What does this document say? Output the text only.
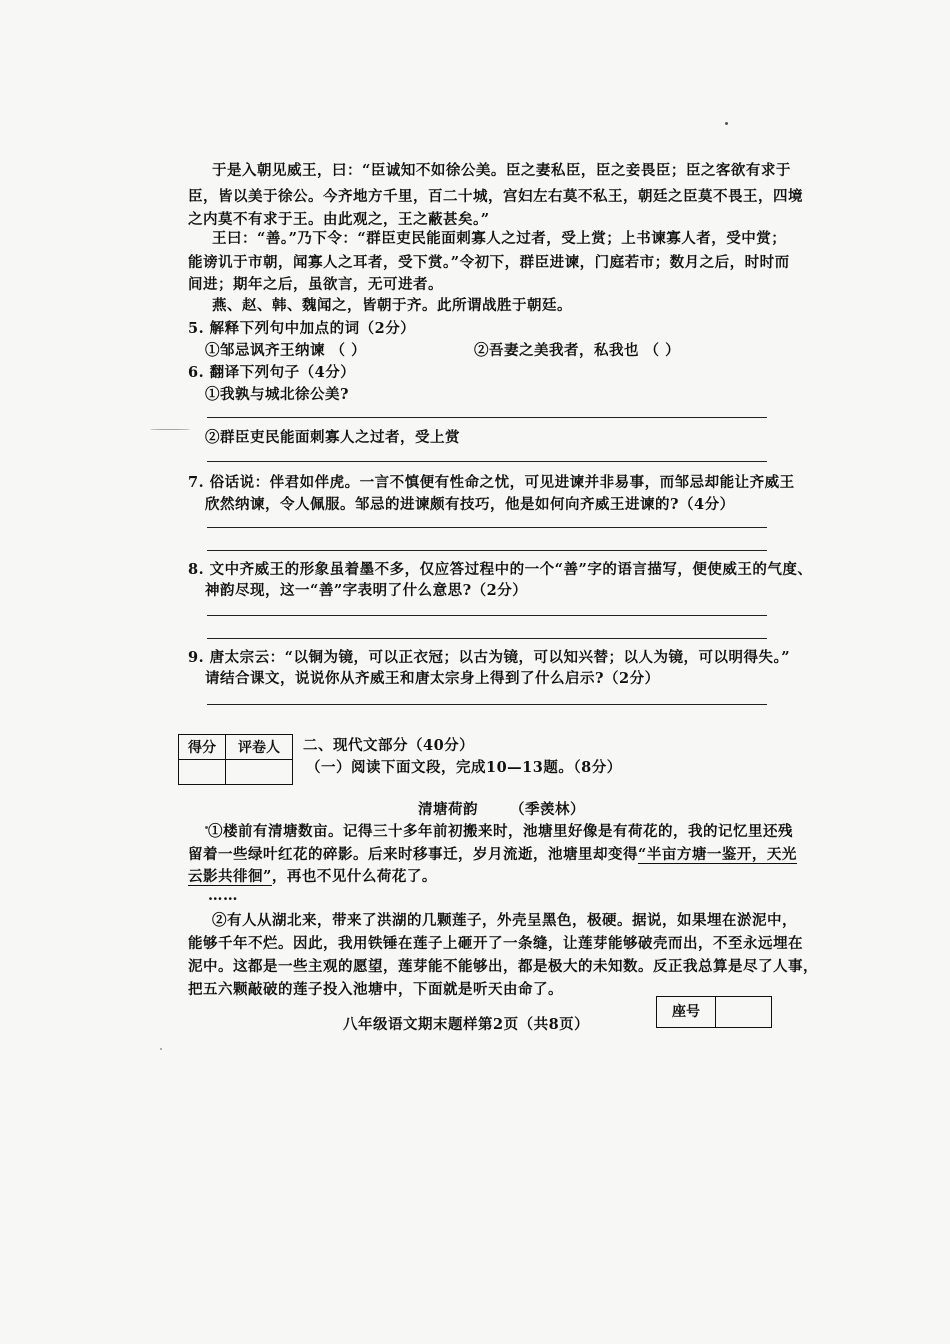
于是入朝见威王，曰：“臣诚知不如徐公美。臣之妻私臣，臣之妾畏臣；臣之客欲有求于
臣，皆以美于徐公。今齐地方千里，百二十城，宫妇左右莫不私王，朝廷之臣莫不畏王，四境
之内莫不有求于王。由此观之，王之蔽甚矣。”
王曰：“善。”乃下令：“群臣吏民能面刺寡人之过者，受上赏；上书谏寡人者，受中赏；
能谤讥于市朝，闻寡人之耳者，受下赏。”令初下，群臣进谏，门庭若市；数月之后，时时而
间进；期年之后，虽欲言，无可进者。
燕、赵、韩、魏闻之，皆朝于齐。此所谓战胜于朝廷。
5. 解释下列句中加点的词（2分）
①邹忌讽齐王纳谏 （ ）	②吾妻之美我者，私我也 （ ）
6. 翻译下列句子（4分）
①我孰与城北徐公美?
②群臣吏民能面刺寡人之过者，受上赏
7. 俗话说：伴君如伴虎。一言不慎便有性命之忧，可见进谏并非易事，而邹忌却能让齐威王
欣然纳谏，令人佩服。邹忌的进谏颇有技巧，他是如何向齐威王进谏的?（4分）
8. 文中齐威王的形象虽着墨不多，仅应答过程中的一个“善”字的语言描写，便使威王的气度、
神韵尽现，这一“善”字表明了什么意思?（2分）
9. 唐太宗云：“以铜为镜，可以正衣冠；以古为镜，可以知兴替；以人为镜，可以明得失。”
请结合课文，说说你从齐威王和唐太宗身上得到了什么启示?（2分）
得分	评卷人
	二、现代文部分（40分）
（一）阅读下面文段，完成10—13题。（8分）
清塘荷韵 （季羡林）
①楼前有清塘数亩。记得三十多年前初搬来时，池塘里好像是有荷花的，我的记忆里还残
留着一些绿叶红花的碎影。后来时移事迁，岁月流逝，池塘里却变得“半亩方塘一鉴开，天光
云影共徘徊”，再也不见什么荷花了。
……
②有人从湖北来，带来了洪湖的几颗莲子，外壳呈黑色，极硬。据说，如果埋在淤泥中，
能够千年不烂。因此，我用铁锤在莲子上砸开了一条缝，让莲芽能够破壳而出，不至永远埋在
泥中。这都是一些主观的愿望，莲芽能不能够出，都是极大的未知数。反正我总算是尽了人事，
把五六颗敲破的莲子投入池塘中，下面就是听天由命了。
八年级语文期末题样第2页（共8页）
座号
